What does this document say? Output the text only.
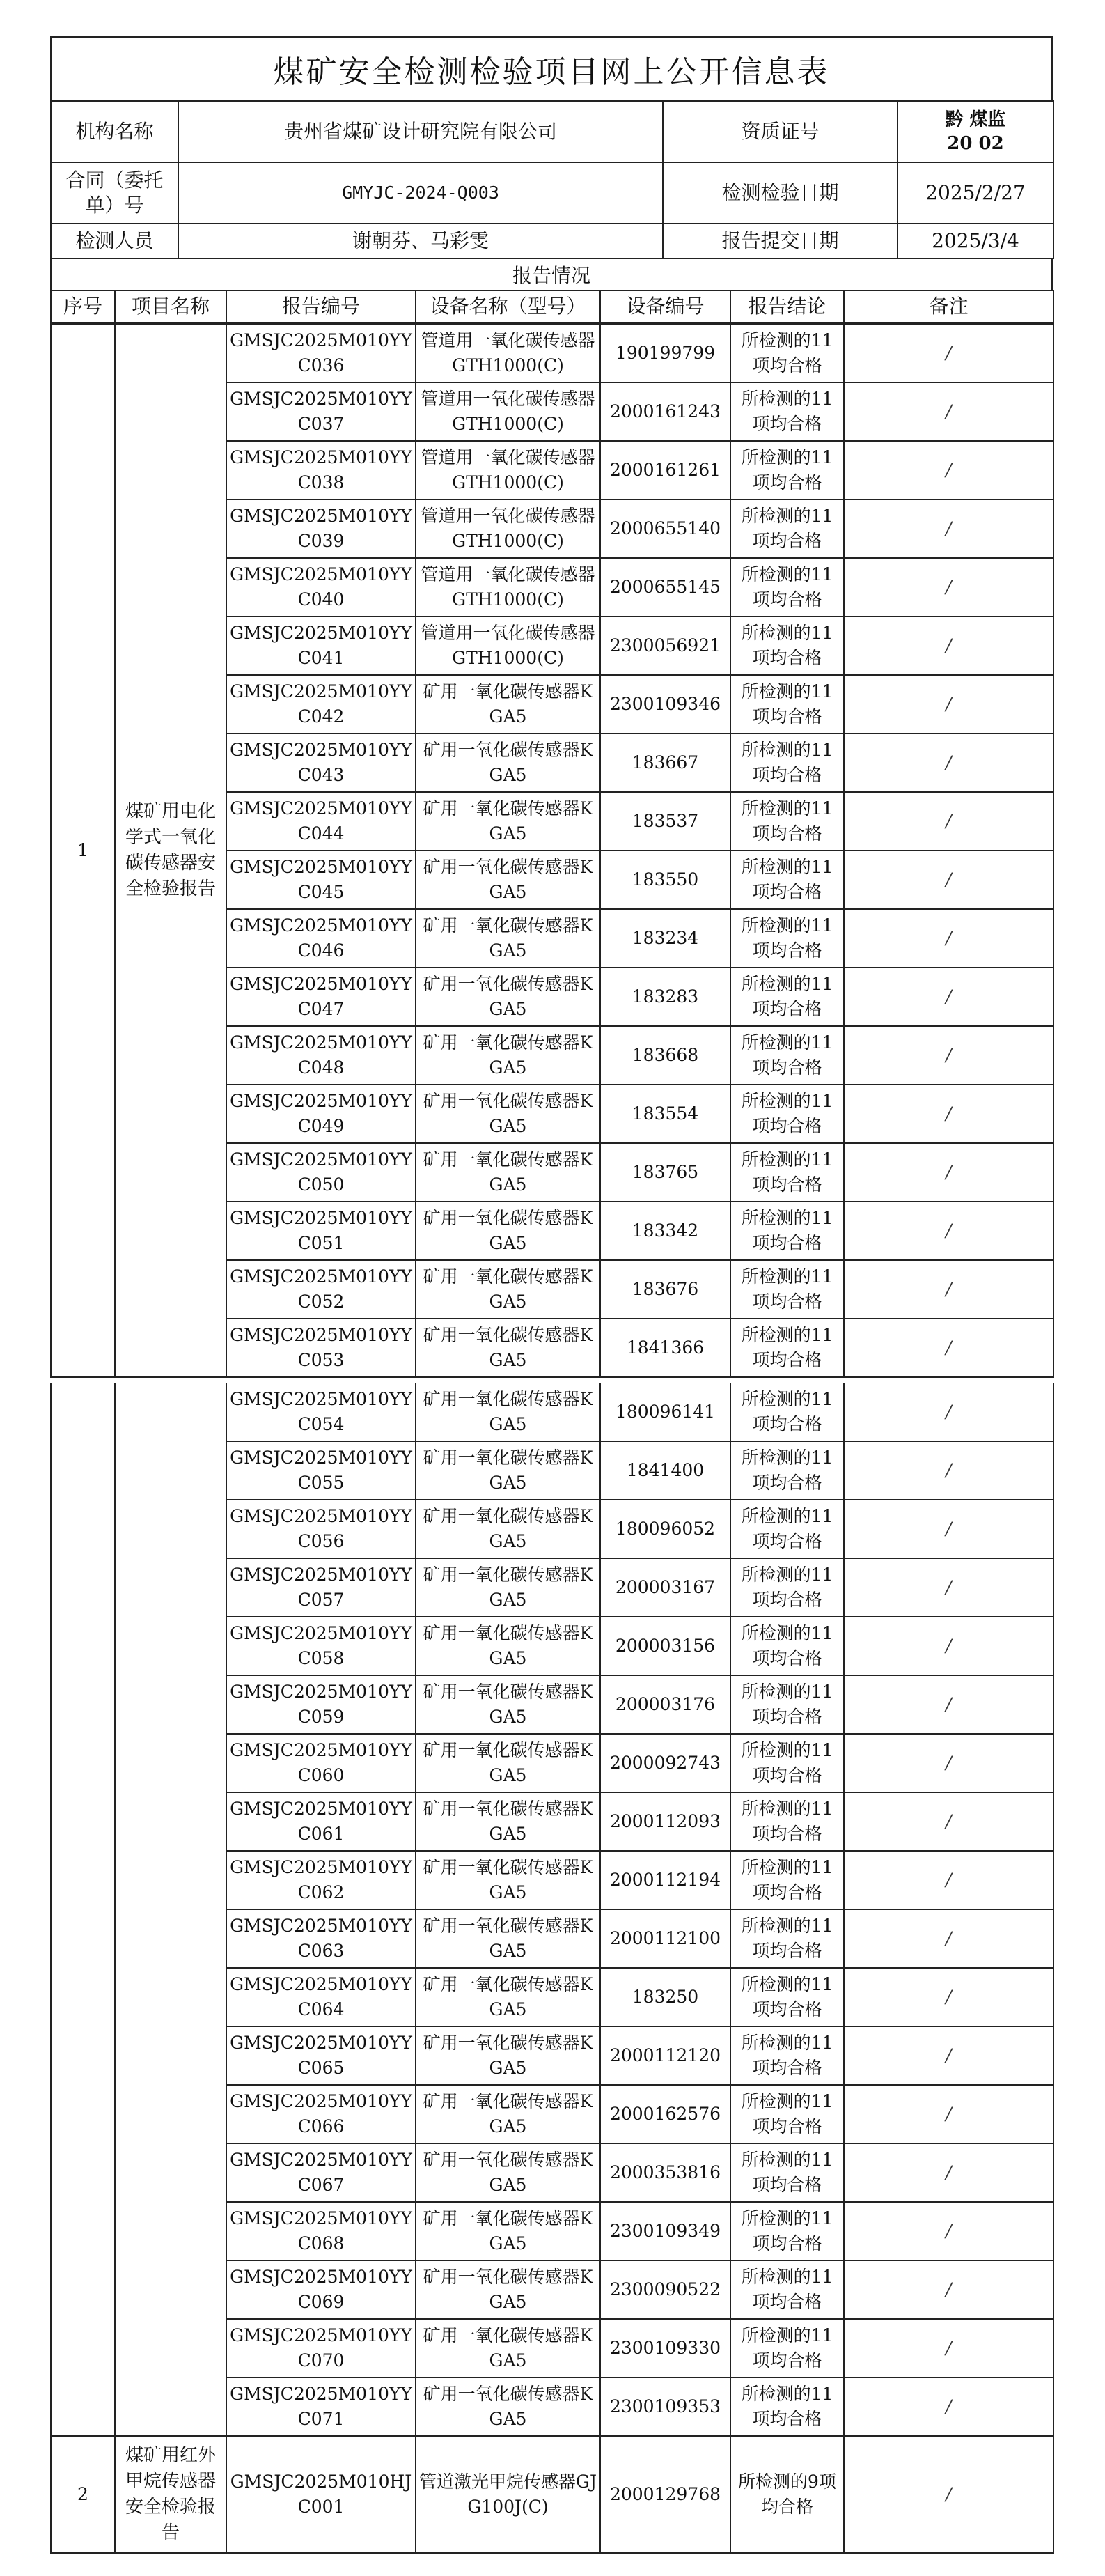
煤矿安全检测检验项目网上公开信息表
机构名称	贵州省煤矿设计研究院有限公司	资质证号	黔 煤监
20 02

合同（委托单）号	GMYJC-2024-Q003	检测检验日期	2025/2/27
检测人员	谢朝芬、马彩雯	报告提交日期	2025/3/4
报告情况
序号	项目名称	报告编号	设备名称（型号）	设备编号	报告结论	备注
1	煤矿用电化学式一氧化碳传感器安全检验报告	GMSJC2025M010YYC036	管道用一氧化碳传感器GTH1000(C)	190199799	所检测的11项均合格	/
		GMSJC2025M010YYC037	管道用一氧化碳传感器GTH1000(C)	2000161243	所检测的11项均合格	/
		GMSJC2025M010YYC038	管道用一氧化碳传感器GTH1000(C)	2000161261	所检测的11项均合格	/
		GMSJC2025M010YYC039	管道用一氧化碳传感器GTH1000(C)	2000655140	所检测的11项均合格	/
		GMSJC2025M010YYC040	管道用一氧化碳传感器GTH1000(C)	2000655145	所检测的11项均合格	/
		GMSJC2025M010YYC041	管道用一氧化碳传感器GTH1000(C)	2300056921	所检测的11项均合格	/
		GMSJC2025M010YYC042	矿用一氧化碳传感器KGA5	2300109346	所检测的11项均合格	/
		GMSJC2025M010YYC043	矿用一氧化碳传感器KGA5	183667	所检测的11项均合格	/
		GMSJC2025M010YYC044	矿用一氧化碳传感器KGA5	183537	所检测的11项均合格	/
		GMSJC2025M010YYC045	矿用一氧化碳传感器KGA5	183550	所检测的11项均合格	/
		GMSJC2025M010YYC046	矿用一氧化碳传感器KGA5	183234	所检测的11项均合格	/
		GMSJC2025M010YYC047	矿用一氧化碳传感器KGA5	183283	所检测的11项均合格	/
		GMSJC2025M010YYC048	矿用一氧化碳传感器KGA5	183668	所检测的11项均合格	/
		GMSJC2025M010YYC049	矿用一氧化碳传感器KGA5	183554	所检测的11项均合格	/
		GMSJC2025M010YYC050	矿用一氧化碳传感器KGA5	183765	所检测的11项均合格	/
		GMSJC2025M010YYC051	矿用一氧化碳传感器KGA5	183342	所检测的11项均合格	/
		GMSJC2025M010YYC052	矿用一氧化碳传感器KGA5	183676	所检测的11项均合格	/
		GMSJC2025M010YYC053	矿用一氧化碳传感器KGA5	1841366	所检测的11项均合格	/
		GMSJC2025M010YYC054	矿用一氧化碳传感器KGA5	180096141	所检测的11项均合格	/
		GMSJC2025M010YYC055	矿用一氧化碳传感器KGA5	1841400	所检测的11项均合格	/
		GMSJC2025M010YYC056	矿用一氧化碳传感器KGA5	180096052	所检测的11项均合格	/
		GMSJC2025M010YYC057	矿用一氧化碳传感器KGA5	200003167	所检测的11项均合格	/
		GMSJC2025M010YYC058	矿用一氧化碳传感器KGA5	200003156	所检测的11项均合格	/
		GMSJC2025M010YYC059	矿用一氧化碳传感器KGA5	200003176	所检测的11项均合格	/
		GMSJC2025M010YYC060	矿用一氧化碳传感器KGA5	2000092743	所检测的11项均合格	/
		GMSJC2025M010YYC061	矿用一氧化碳传感器KGA5	2000112093	所检测的11项均合格	/
		GMSJC2025M010YYC062	矿用一氧化碳传感器KGA5	2000112194	所检测的11项均合格	/
		GMSJC2025M010YYC063	矿用一氧化碳传感器KGA5	2000112100	所检测的11项均合格	/
		GMSJC2025M010YYC064	矿用一氧化碳传感器KGA5	183250	所检测的11项均合格	/
		GMSJC2025M010YYC065	矿用一氧化碳传感器KGA5	2000112120	所检测的11项均合格	/
		GMSJC2025M010YYC066	矿用一氧化碳传感器KGA5	2000162576	所检测的11项均合格	/
		GMSJC2025M010YYC067	矿用一氧化碳传感器KGA5	2000353816	所检测的11项均合格	/
		GMSJC2025M010YYC068	矿用一氧化碳传感器KGA5	2300109349	所检测的11项均合格	/
		GMSJC2025M010YYC069	矿用一氧化碳传感器KGA5	2300090522	所检测的11项均合格	/
		GMSJC2025M010YYC070	矿用一氧化碳传感器KGA5	2300109330	所检测的11项均合格	/
		GMSJC2025M010YYC071	矿用一氧化碳传感器KGA5	2300109353	所检测的11项均合格	/
2	煤矿用红外甲烷传感器安全检验报告	GMSJC2025M010HJC001	管道激光甲烷传感器GJG100J(C)	2000129768	所检测的9项均合格	/
